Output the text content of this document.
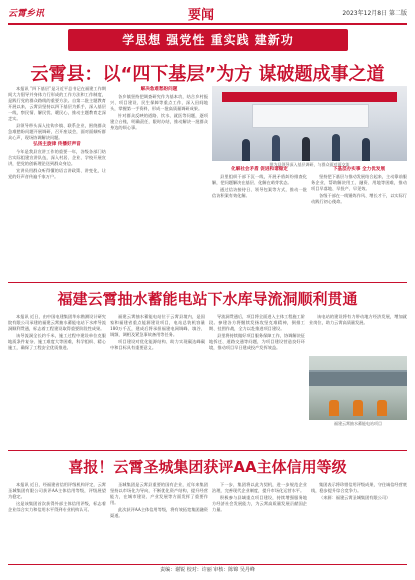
云霄乡讯	要闻	2023年12月8日 第二版
学思想 强党性 重实践 建新功
云霄县：以“四下基层”为方 谋破题成事之道

本报讯 “四下基层”是习近平总书记在福建工作期间大力倡导并身体力行形成的工作方法和工作制度，是践行党的群众路线的重要方法。自第二批主题教育开展以来，云霄县坚持以四下基层为抓手，深入基层一线，察民情、解民忧、暖民心，推动主题教育走深走实。

县领导带头深入挂钩乡镇、联系企业，围绕群众急难愁盼问题开展调研，召开座谈会，面对面倾听群众心声，现场协调解决问题。

弘扬主旋律 传播好声音

今年是我县宣讲工作的重要一年，各级各部门结合实际组建宣讲队伍，深入村居、企业、学校开展宣讲，把党的创新理论送到群众身边。

宣讲员用群众听得懂的语言讲政策、讲变化，让党的好声音传遍千家万户。

解决急难愁盼问题

各乡镇坚持把调查研究作为基本功，结合乡村振兴、项目建设、民生保障等重点工作，深入田间地头，掌握第一手资料，形成一批高质量调研成果。

针对群众反映的道路、饮水、就医等问题，逐项建立台账，明确责任，限时办结，推动解决一批群众身边的烦心事。

图为县领导深入基层调研，与群众面对面交流
化解社会矛盾 促进和谐稳定

县里组织干部下沉一线，开展矛盾纠纷排查化解，把问题解决在基层、化解在萌芽状态。

通过信访接待日、领导包案等方式，推动一批信访积案有效化解。

下基层办实事 全力优发展

坚持把下基层与推动发展结合起来，主动靠前服务企业，帮助解决用工、融资、用地等困难，推动项目早落地、早投产、早见效。

各级干部在一线锤炼作风、增长才干，以实际行动践行初心使命。

福建云霄抽水蓄能电站下水库导流洞顺利贯通

本报讯 近日，由中国电建集团华东勘测设计研究院有限公司承建的福建云霄抽水蓄能电站下水库导流洞顺利贯通，标志着工程建设取得重要阶段性成果。

该导流洞全长约千米，施工过程中建设单位克服地质条件复杂、施工难度大等困难，科学组织、精心施工，确保了工程安全优质推进。

福建云霄抽水蓄能电站位于云霄县境内，是国家和福建省重点能源建设项目，电站总装机容量180万千瓦，建成后将承担福建电网调峰、填谷、调频、调相及紧急事故备用等任务。

项目建设对优化能源结构、助力实现碳达峰碳中和目标具有重要意义。

导流洞贯通后，项目将全面进入主体工程施工阶段。参建各方将继续发扬攻坚克难精神，倒排工期、挂图作战，全力以赴推进项目建设。

县里将持续做好项目服务保障工作，协调解决征地拆迁、道路交通等问题，为项目建设营造良好环境，推动项目早日建成投产发挥效益。

该电站的建设将有力带动地方经济发展，增加就业岗位，助力云霄高质量发展。

福建云霄抽水蓄能电站项目
喜报！云霄圣城集团获评AA主体信用等级

本报讯 近日，经福建省信用评级机构评定，云霄圣城集团有限公司获评AA主体信用等级，评级展望为稳定。

这是该集团首次获得外部主体信用评级，标志着企业综合实力和信用水平得到专业机构认可。

圣城集团是云霄县重要的国有企业，近年来集团坚持以市场化为导向，不断优化资产结构，提升经营能力，在城市建设、产业发展等方面发挥了重要作用。

此次获评AA主体信用等级，将有效拓宽集团融资渠道。

下一步，集团将以此为契机，进一步规范企业治理，完善现代企业制度，提升市场化运营水平。

积极参与县域重点项目建设，持续增强服务地方经济社会发展能力，为云霄高质量发展贡献国企力量。

集团表示将珍惜信用评级成果，守住诚信经营底线，稳步提升综合竞争力。

（来源：福建云霄圣城集团有限公司）

责编：谢锐 校对：许丽 审核：陈锦 吴丹峰
